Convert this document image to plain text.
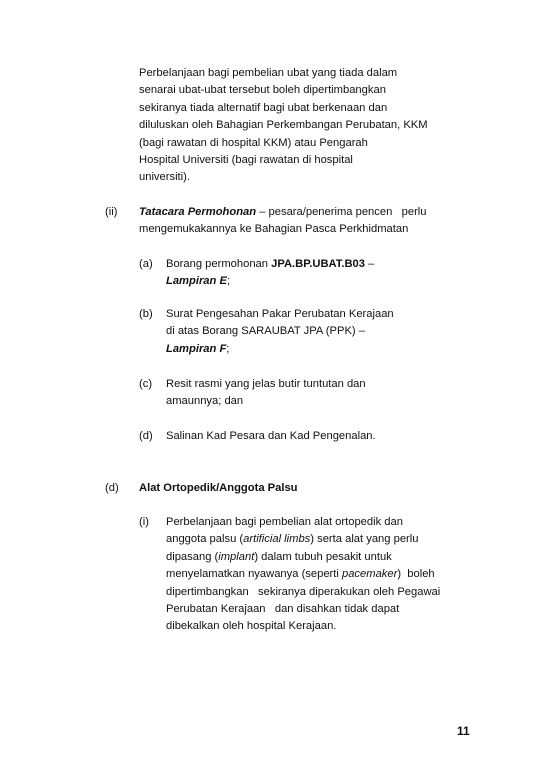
Perbelanjaan bagi pembelian ubat yang tiada dalam
senarai ubat-ubat tersebut boleh dipertimbangkan
sekiranya tiada alternatif bagi ubat berkenaan dan
diluluskan oleh Bahagian Perkembangan Perubatan, KKM
(bagi rawatan di hospital KKM) atau Pengarah
Hospital Universiti (bagi rawatan di hospital
universiti).
(ii) Tatacara Permohonan – pesara/penerima pencen   perlu
mengemukakannya ke Bahagian Pasca Perkhidmatan
(a) Borang permohonan JPA.BP.UBAT.B03 –
Lampiran E;
(b) Surat Pengesahan Pakar Perubatan Kerajaan
di atas Borang SARAUBAT JPA (PPK) –
Lampiran F;
(c) Resit rasmi yang jelas butir tuntutan dan
amaunnya; dan
(d) Salinan Kad Pesara dan Kad Pengenalan.
(d) Alat Ortopedik/Anggota Palsu
(i) Perbelanjaan bagi pembelian alat ortopedik dan
anggota palsu (artificial limbs) serta alat yang perlu
dipasang (implant) dalam tubuh pesakit untuk
menyelamatkan nyawanya (seperti pacemaker)  boleh
dipertimbangkan   sekiranya diperakukan oleh Pegawai
Perubatan Kerajaan   dan disahkan tidak dapat
dibekalkan oleh hospital Kerajaan.
11
